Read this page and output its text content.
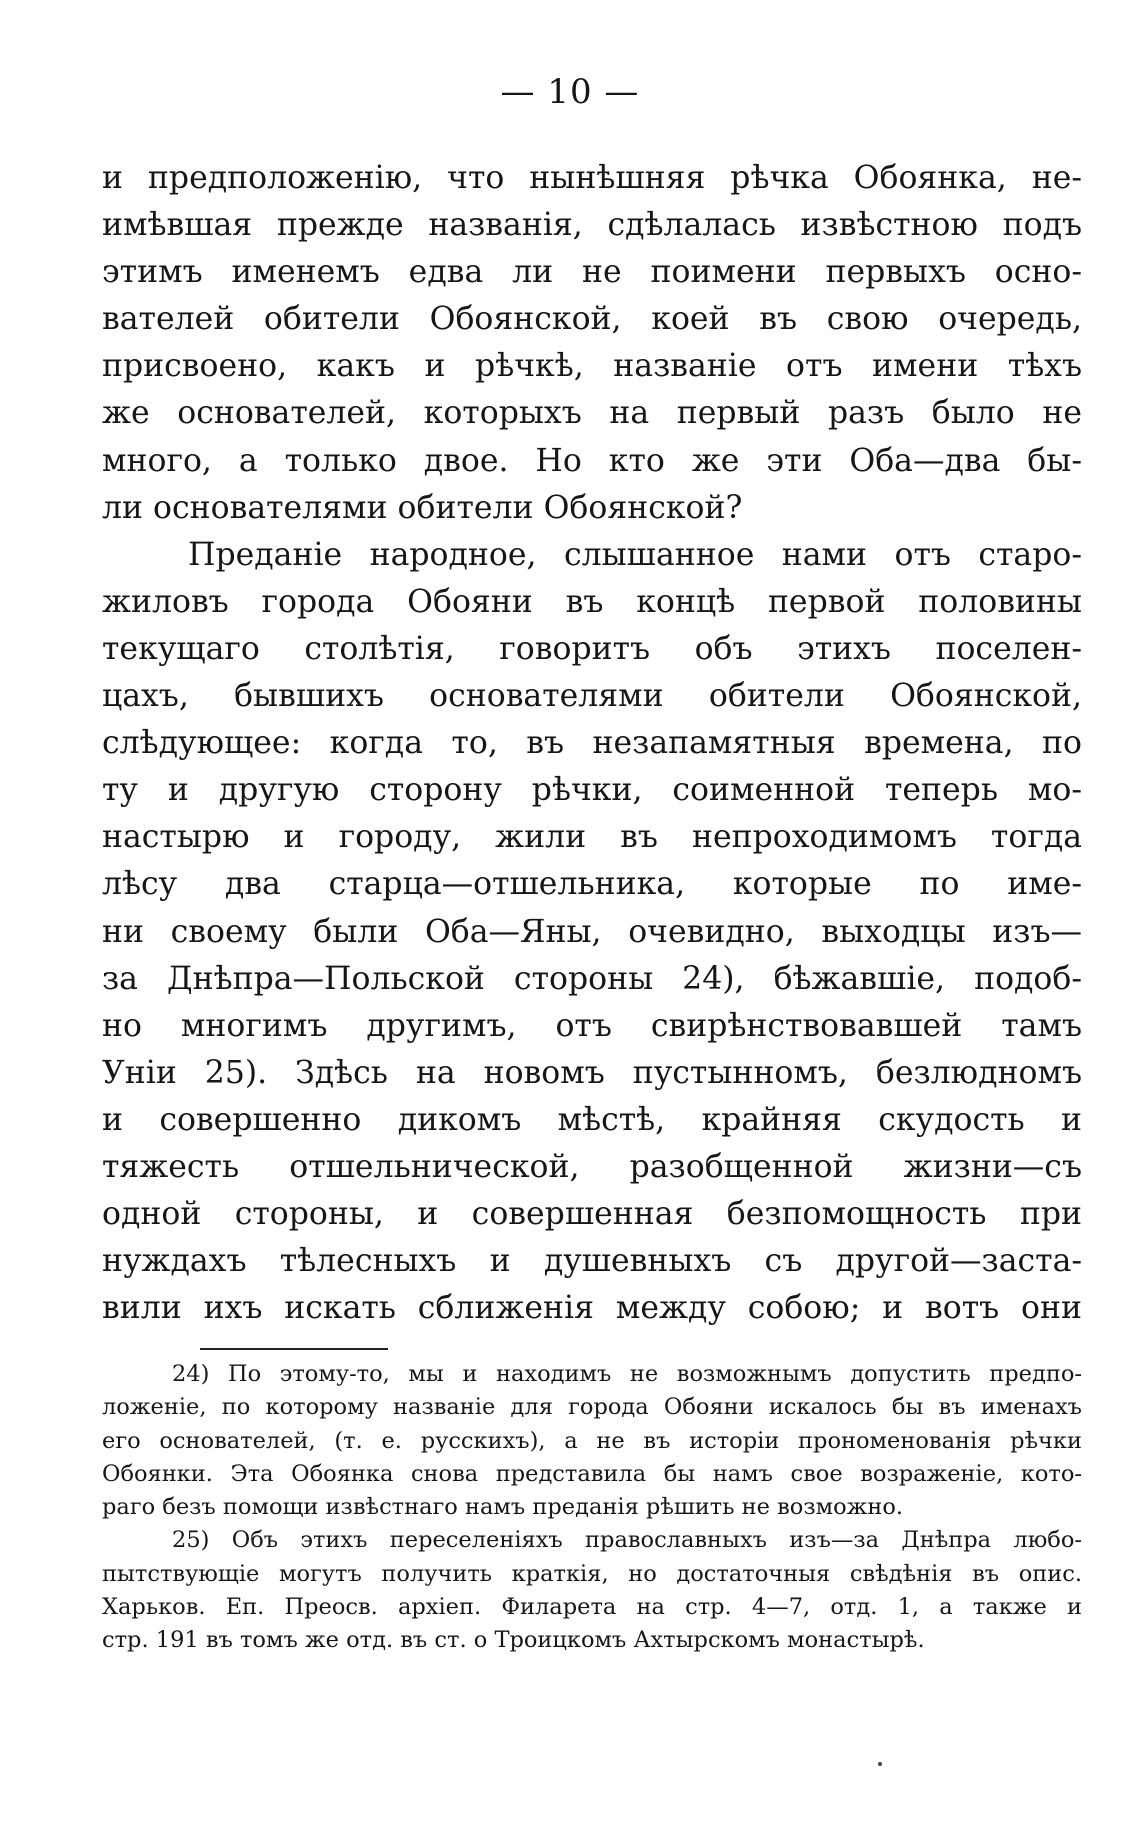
— 10 —
и предположенію, что нынѣшняя рѣчка Обоянка, не-
имѣвшая прежде названія, сдѣлалась извѣстною подъ
этимъ именемъ едва ли не поимени первыхъ осно-
вателей обители Обоянской, коей въ свою очередь,
присвоено, какъ и рѣчкѣ, названіе отъ имени тѣхъ
же основателей, которыхъ на первый разъ было не
много, а только двое. Но кто же эти Оба—два бы-
ли основателями обители Обоянской?
Преданіе народное, слышанное нами отъ старо-
жиловъ города Обояни въ концѣ первой половины
текущаго столѣтія, говоритъ объ этихъ поселен-
цахъ, бывшихъ основателями обители Обоянской,
слѣдующее: когда то, въ незапамятныя времена, по
ту и другую сторону рѣчки, соименной теперь мо-
настырю и городу, жили въ непроходимомъ тогда
лѣсу два старца—отшельника, которые по име-
ни своему были Оба—Яны, очевидно, выходцы изъ—
за Днѣпра—Польской стороны 24), бѣжавшіе, подоб-
но многимъ другимъ, отъ свирѣнствовавшей тамъ
Уніи 25). Здѣсь на новомъ пустынномъ, безлюдномъ
и совершенно дикомъ мѣстѣ, крайняя скудость и
тяжесть отшельнической, разобщенной жизни—съ
одной стороны, и совершенная безпомощность при
нуждахъ тѣлесныхъ и душевныхъ съ другой—заста-
вили ихъ искать сближенія между собою; и вотъ они
24) По этому-то, мы и находимъ не возможнымъ допустить предпо-
ложеніе, по которому названіе для города Обояни искалось бы въ именахъ
его основателей, (т. е. русскихъ), а не въ исторіи прономенованія рѣчки
Обоянки. Эта Обоянка снова представила бы намъ свое возраженіе, кото-
раго безъ помощи извѣстнаго намъ преданія рѣшить не возможно.
25) Объ этихъ переселеніяхъ православныхъ изъ—за Днѣпра любо-
пытствующіе могутъ получить краткія, но достаточныя свѣдѣнія въ опис.
Харьков. Еп. Преосв. архіеп. Филарета на стр. 4—7, отд. 1, а также и
стр. 191 въ томъ же отд. въ ст. о Троицкомъ Ахтырскомъ монастырѣ.
